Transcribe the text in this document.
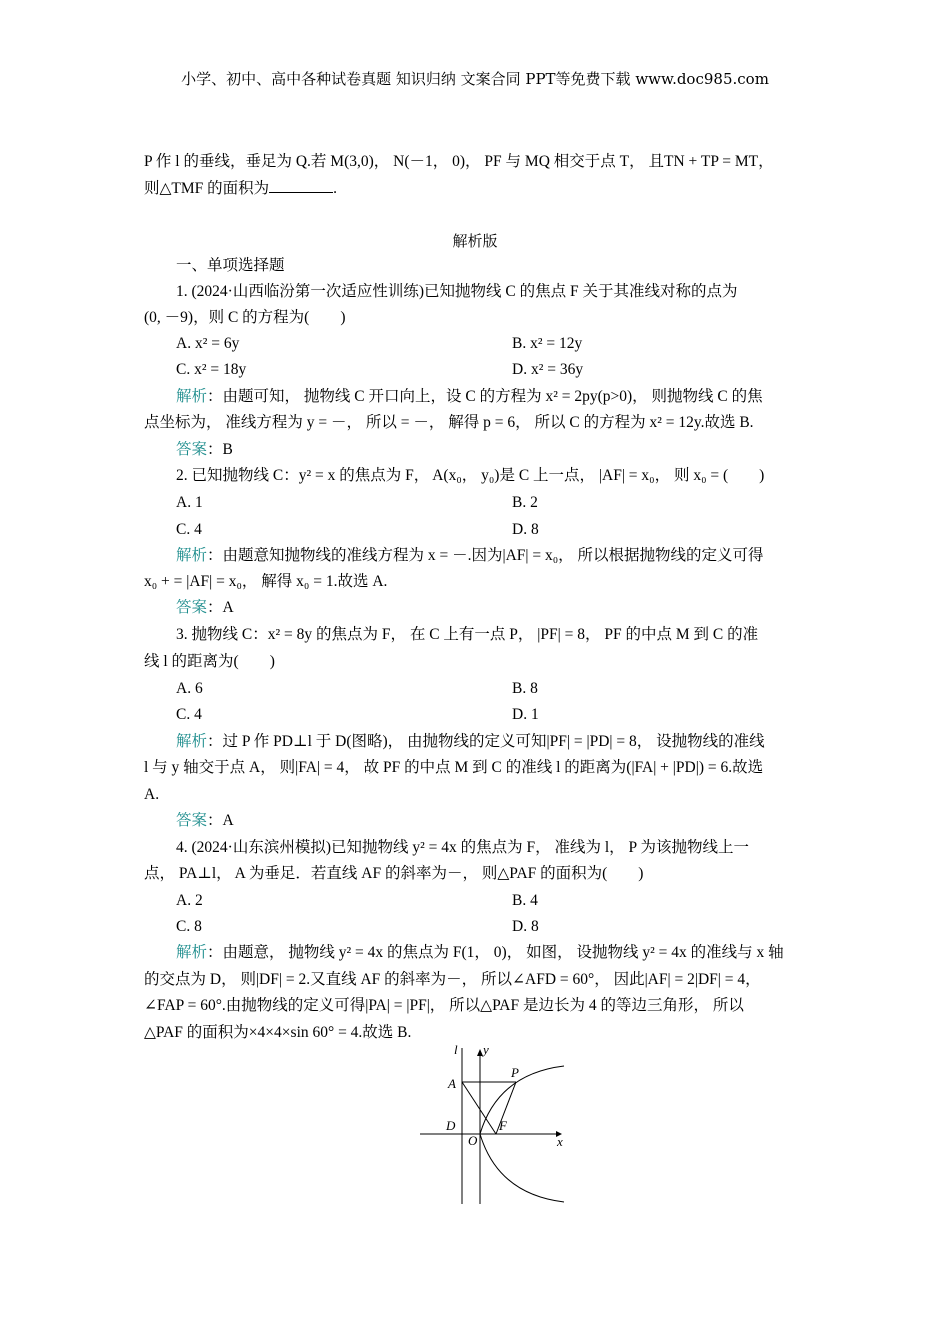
小学、初中、高中各种试卷真题 知识归纳 文案合同 PPT等免费下载 www.doc985.com
P 作 l 的垂线，垂足为 Q.若 M(3,0)， N(－1， 0)， PF 与 MQ 相交于点 T， 且TN + TP = MT，
则△TMF 的面积为	.
解析版
一、单项选择题
1. (2024·山西临汾第一次适应性训练)已知抛物线 C 的焦点 F 关于其准线对称的点为
(0, －9)，则 C 的方程为(　　)
A. x² = 6y	B. x² = 12y
C. x² = 18y	D. x² = 36y
解析：由题可知， 抛物线 C 开口向上，设 C 的方程为 x² = 2py(p>0)， 则抛物线 C 的焦
点坐标为， 准线方程为 y = －， 所以 = －， 解得 p = 6， 所以 C 的方程为 x² = 12y.故选 B.
答案：B
2. 已知抛物线 C：y² = x 的焦点为 F， A(x₀， y₀)是 C 上一点， |AF| = x₀， 则 x₀ = (　　)
A. 1	B. 2
C. 4	D. 8
解析：由题意知抛物线的准线方程为 x = －.因为|AF| = x₀， 所以根据抛物线的定义可得
x₀ + = |AF| = x₀， 解得 x₀ = 1.故选 A.
答案：A
3. 抛物线 C：x² = 8y 的焦点为 F， 在 C 上有一点 P， |PF| = 8， PF 的中点 M 到 C 的准
线 l 的距离为(　　)
A. 6	B. 8
C. 4	D. 1
解析：过 P 作 PD⊥l 于 D(图略)， 由抛物线的定义可知|PF| = |PD| = 8， 设抛物线的准线
l 与 y 轴交于点 A， 则|FA| = 4， 故 PF 的中点 M 到 C 的准线 l 的距离为(|FA| + |PD|) = 6.故选
A.
答案：A
4. (2024·山东滨州模拟)已知抛物线 y² = 4x 的焦点为 F， 准线为 l， P 为该抛物线上一
点， PA⊥l， A 为垂足．若直线 AF 的斜率为－， 则△PAF 的面积为(　　)
A. 2	B. 4
C. 8	D. 8
解析：由题意， 抛物线 y² = 4x 的焦点为 F(1， 0)， 如图， 设抛物线 y² = 4x 的准线与 x 轴
的交点为 D， 则|DF| = 2.又直线 AF 的斜率为－， 所以∠AFD = 60°， 因此|AF| = 2|DF| = 4，
∠FAP = 60°.由抛物线的定义可得|PA| = |PF|， 所以△PAF 是边长为 4 的等边三角形， 所以
△PAF 的面积为×4×4×sin 60° = 4.故选 B.
l y
x
A
P
D
O
F
